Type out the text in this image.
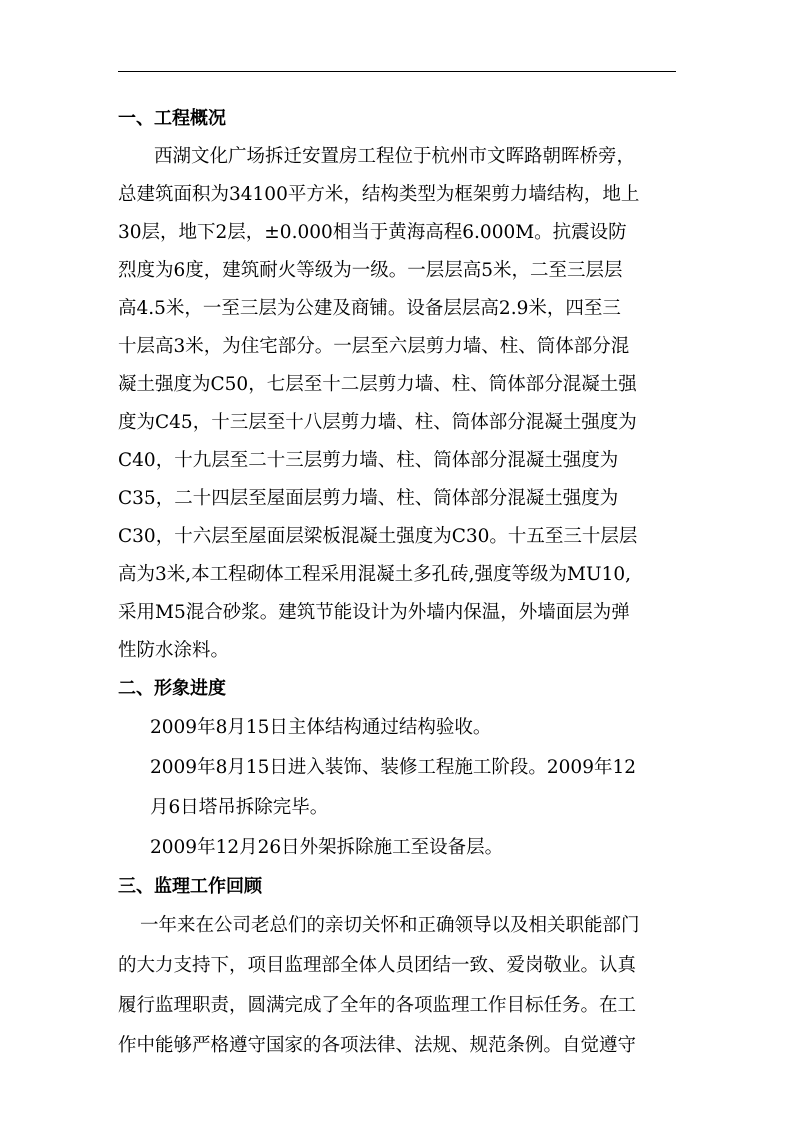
一、工程概况
西湖文化广场拆迁安置房工程位于杭州市文晖路朝晖桥旁，
总建筑面积为34100平方米，结构类型为框架剪力墙结构，地上
30层，地下2层，±0.000相当于黄海高程6.000M。抗震设防
烈度为6度，建筑耐火等级为一级。一层层高5米，二至三层层
高4.5米，一至三层为公建及商铺。设备层层高2.9米，四至三
十层高3米，为住宅部分。一层至六层剪力墙、柱、筒体部分混
凝土强度为C50，七层至十二层剪力墙、柱、筒体部分混凝土强
度为C45，十三层至十八层剪力墙、柱、筒体部分混凝土强度为
C40，十九层至二十三层剪力墙、柱、筒体部分混凝土强度为
C35，二十四层至屋面层剪力墙、柱、筒体部分混凝土强度为
C30，十六层至屋面层梁板混凝土强度为C30。十五至三十层层
高为3米,本工程砌体工程采用混凝土多孔砖,强度等级为MU10,
采用M5混合砂浆。建筑节能设计为外墙内保温，外墙面层为弹
性防水涂料。
二、形象进度
2009年8月15日主体结构通过结构验收。
2009年8月15日进入装饰、装修工程施工阶段。2009年12
月6日塔吊拆除完毕。
2009年12月26日外架拆除施工至设备层。
三、监理工作回顾
一年来在公司老总们的亲切关怀和正确领导以及相关职能部门
的大力支持下，项目监理部全体人员团结一致、爱岗敬业。认真
履行监理职责，圆满完成了全年的各项监理工作目标任务。在工
作中能够严格遵守国家的各项法律、法规、规范条例。自觉遵守
